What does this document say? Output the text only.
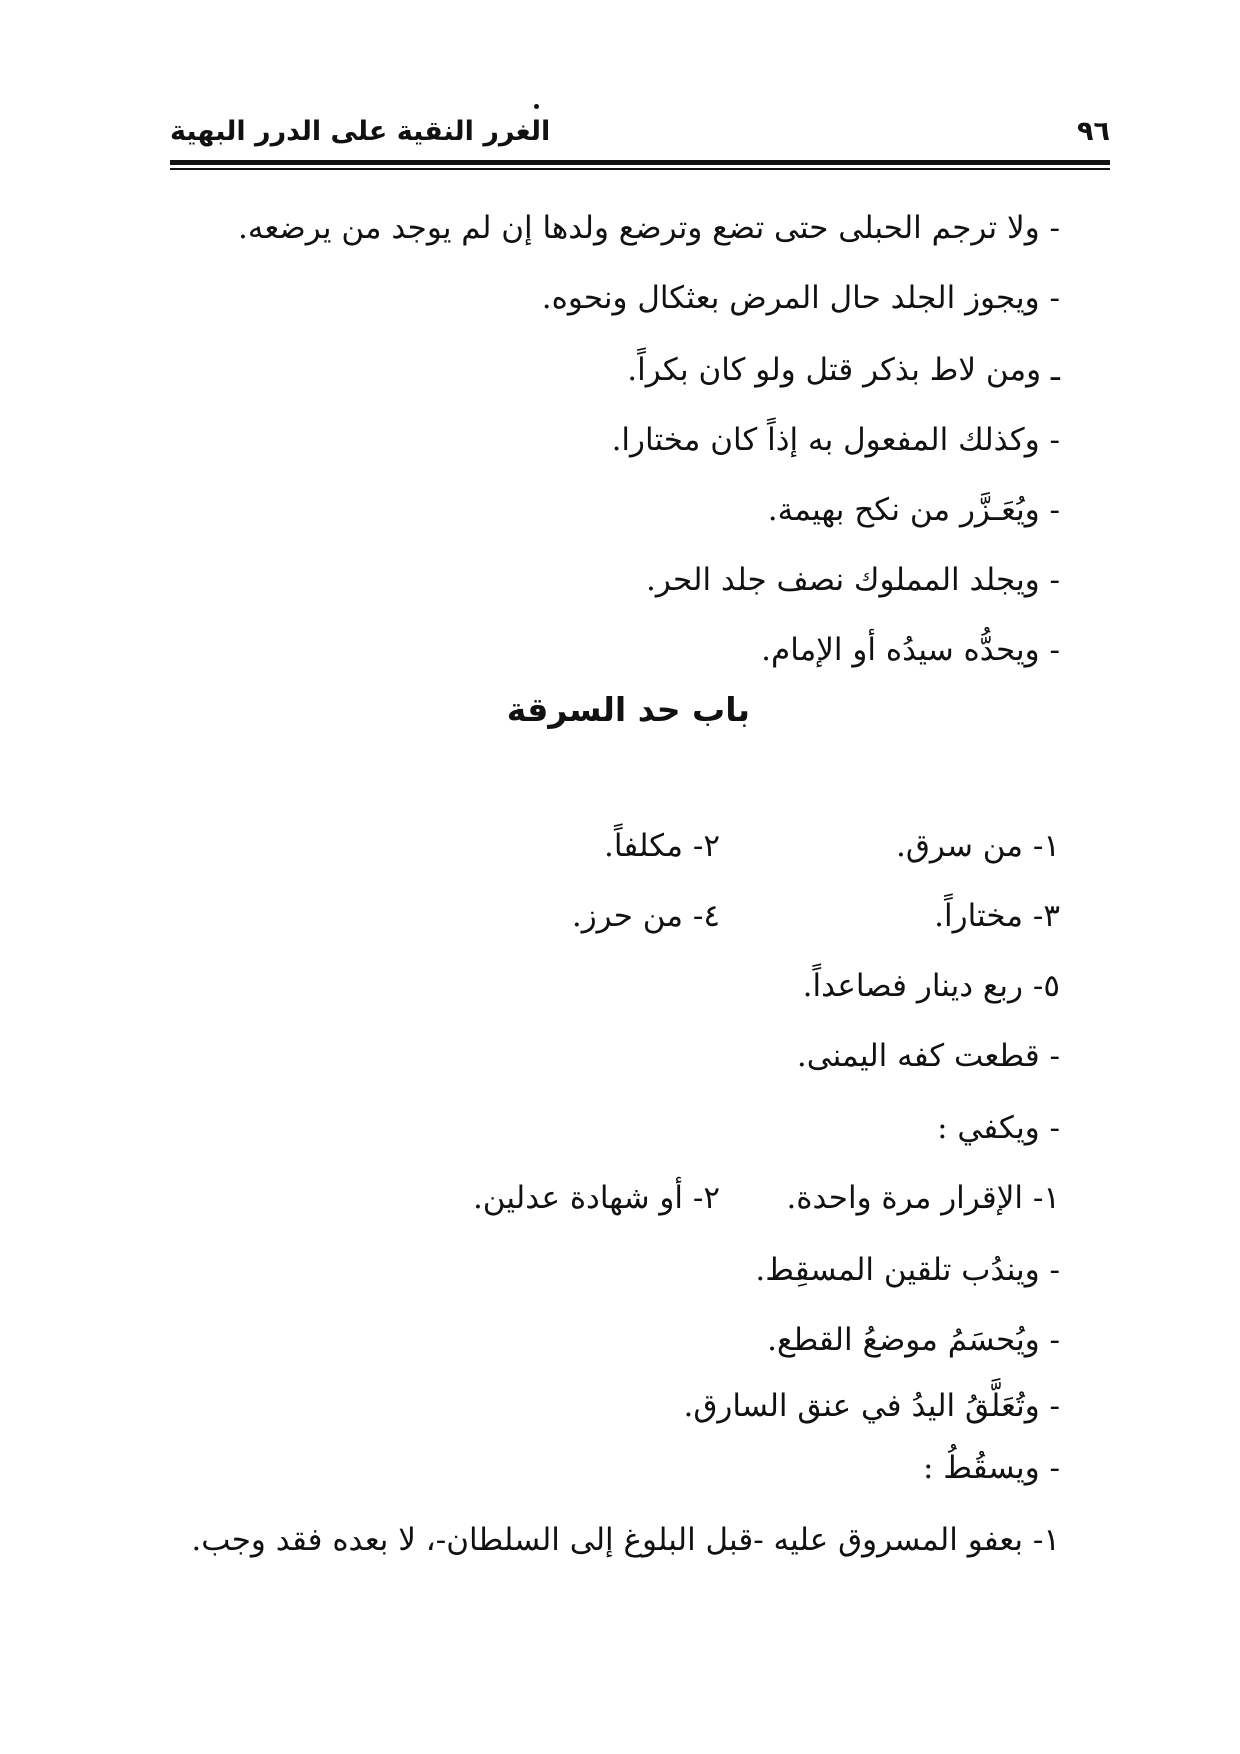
٩٦
الغرر النقية على الدرر البهية
- ولا ترجم الحبلى حتى تضع وترضع ولدها إن لم يوجد من يرضعه.
- ويجوز الجلد حال المرض بعثكال ونحوه.
ـ ومن لاط بذكر قتل ولو كان بكراً.
- وكذلك المفعول به إذاً كان مختارا.
- ويُعَـزَّر من نكح بهيمة.
- ويجلد المملوك نصف جلد الحر.
- ويحدُّه سيدُه أو الإمام.
باب حد السرقة
١- من سرق.
٢- مكلفاً.
٣- مختاراً.
٤- من حرز.
٥- ربع دينار فصاعداً.
- قطعت كفه اليمنى.
- ويكفي :
١- الإقرار مرة واحدة.
٢- أو شهادة عدلين.
- ويندُب تلقين المسقِط.
- ويُحسَمُ موضعُ القطع.
- وتُعَلَّقُ اليدُ في عنق السارق.
- ويسقُطُ :
١- بعفو المسروق عليه -قبل البلوغ إلى السلطان-، لا بعده فقد وجب.
